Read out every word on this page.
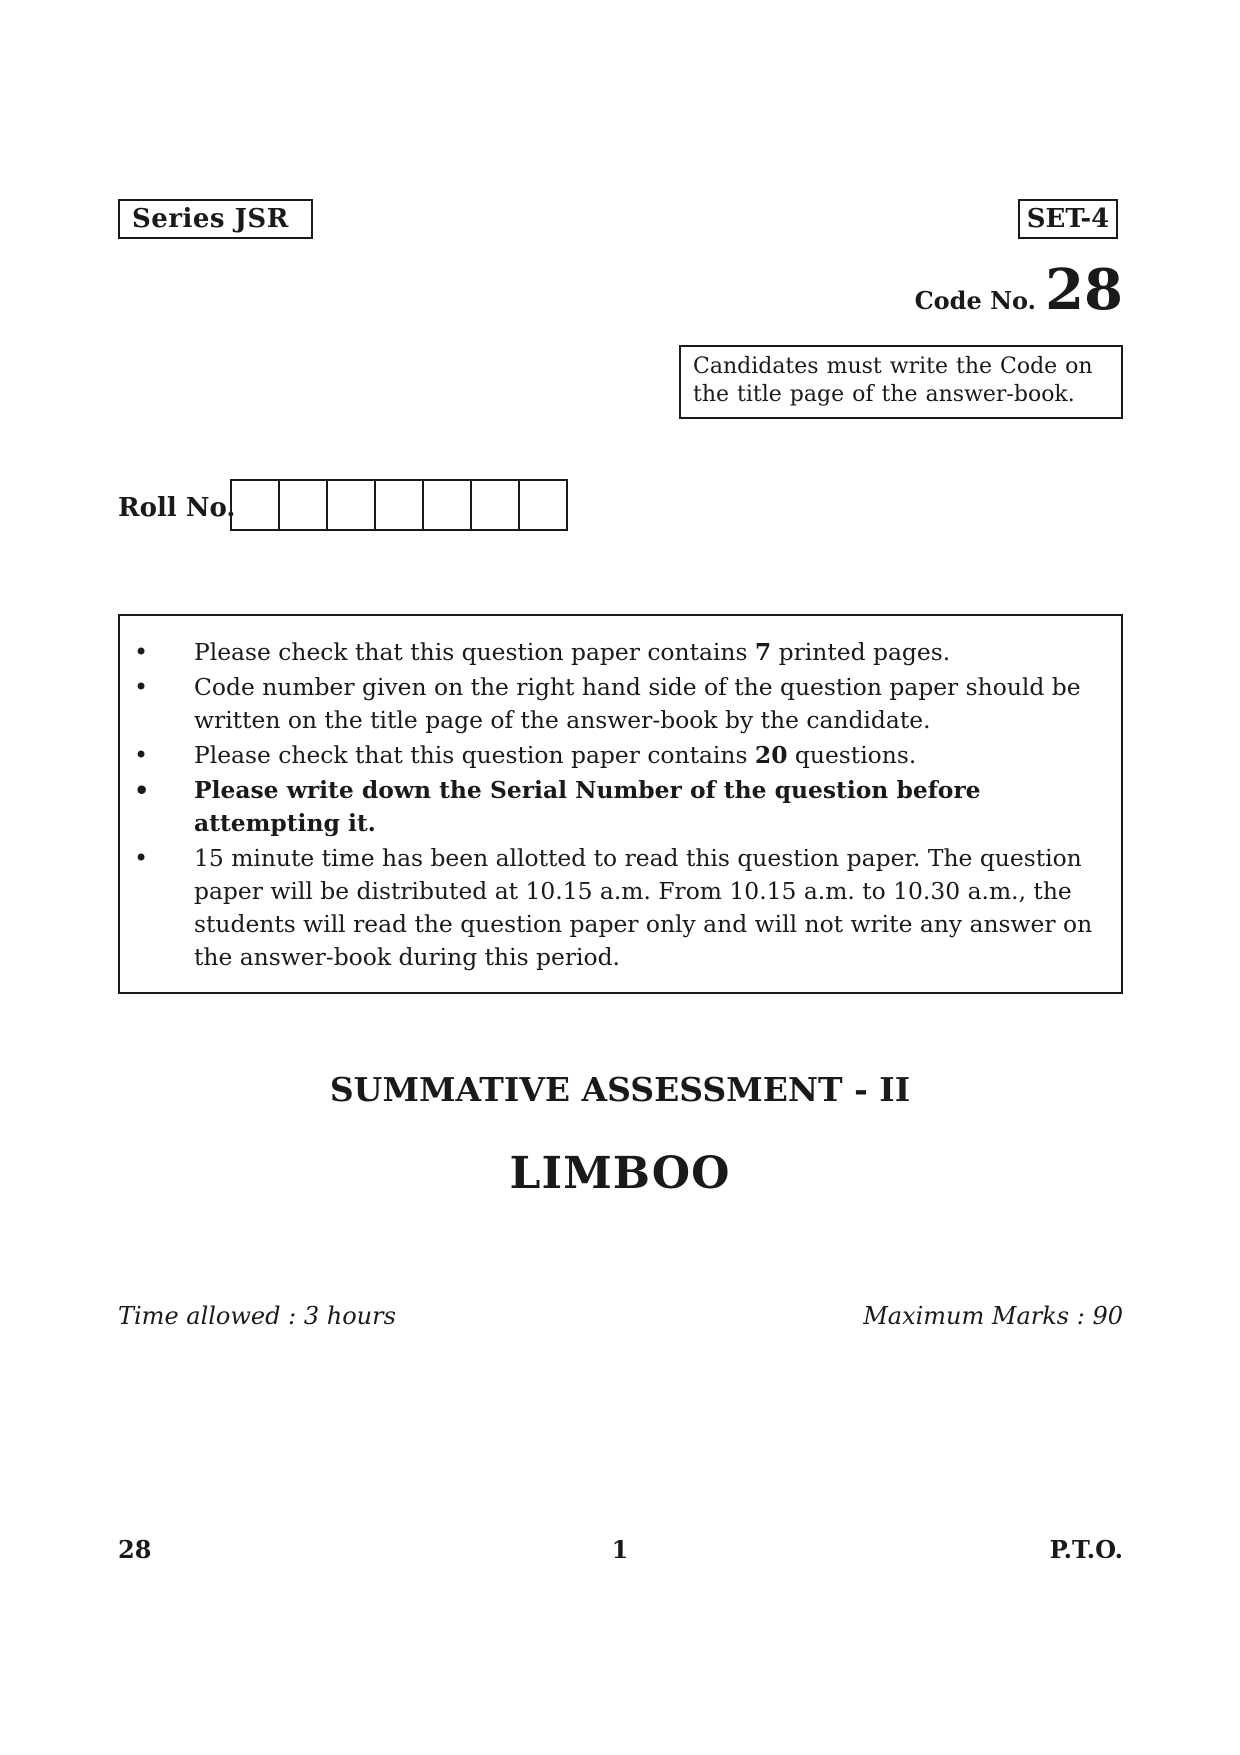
Series JSR	SET-4
Code No. 28
Candidates must write the Code on the title page of the answer-book.
Roll No.
• Please check that this question paper contains 7 printed pages.
• Code number given on the right hand side of the question paper should be written on the title page of the answer-book by the candidate.
• Please check that this question paper contains 20 questions.
• Please write down the Serial Number of the question before attempting it.
• 15 minute time has been allotted to read this question paper. The question paper will be distributed at 10.15 a.m. From 10.15 a.m. to 10.30 a.m., the students will read the question paper only and will not write any answer on the answer-book during this period.
SUMMATIVE ASSESSMENT - II
LIMBOO
Time allowed : 3 hours	Maximum Marks : 90
28	1	P.T.O.
